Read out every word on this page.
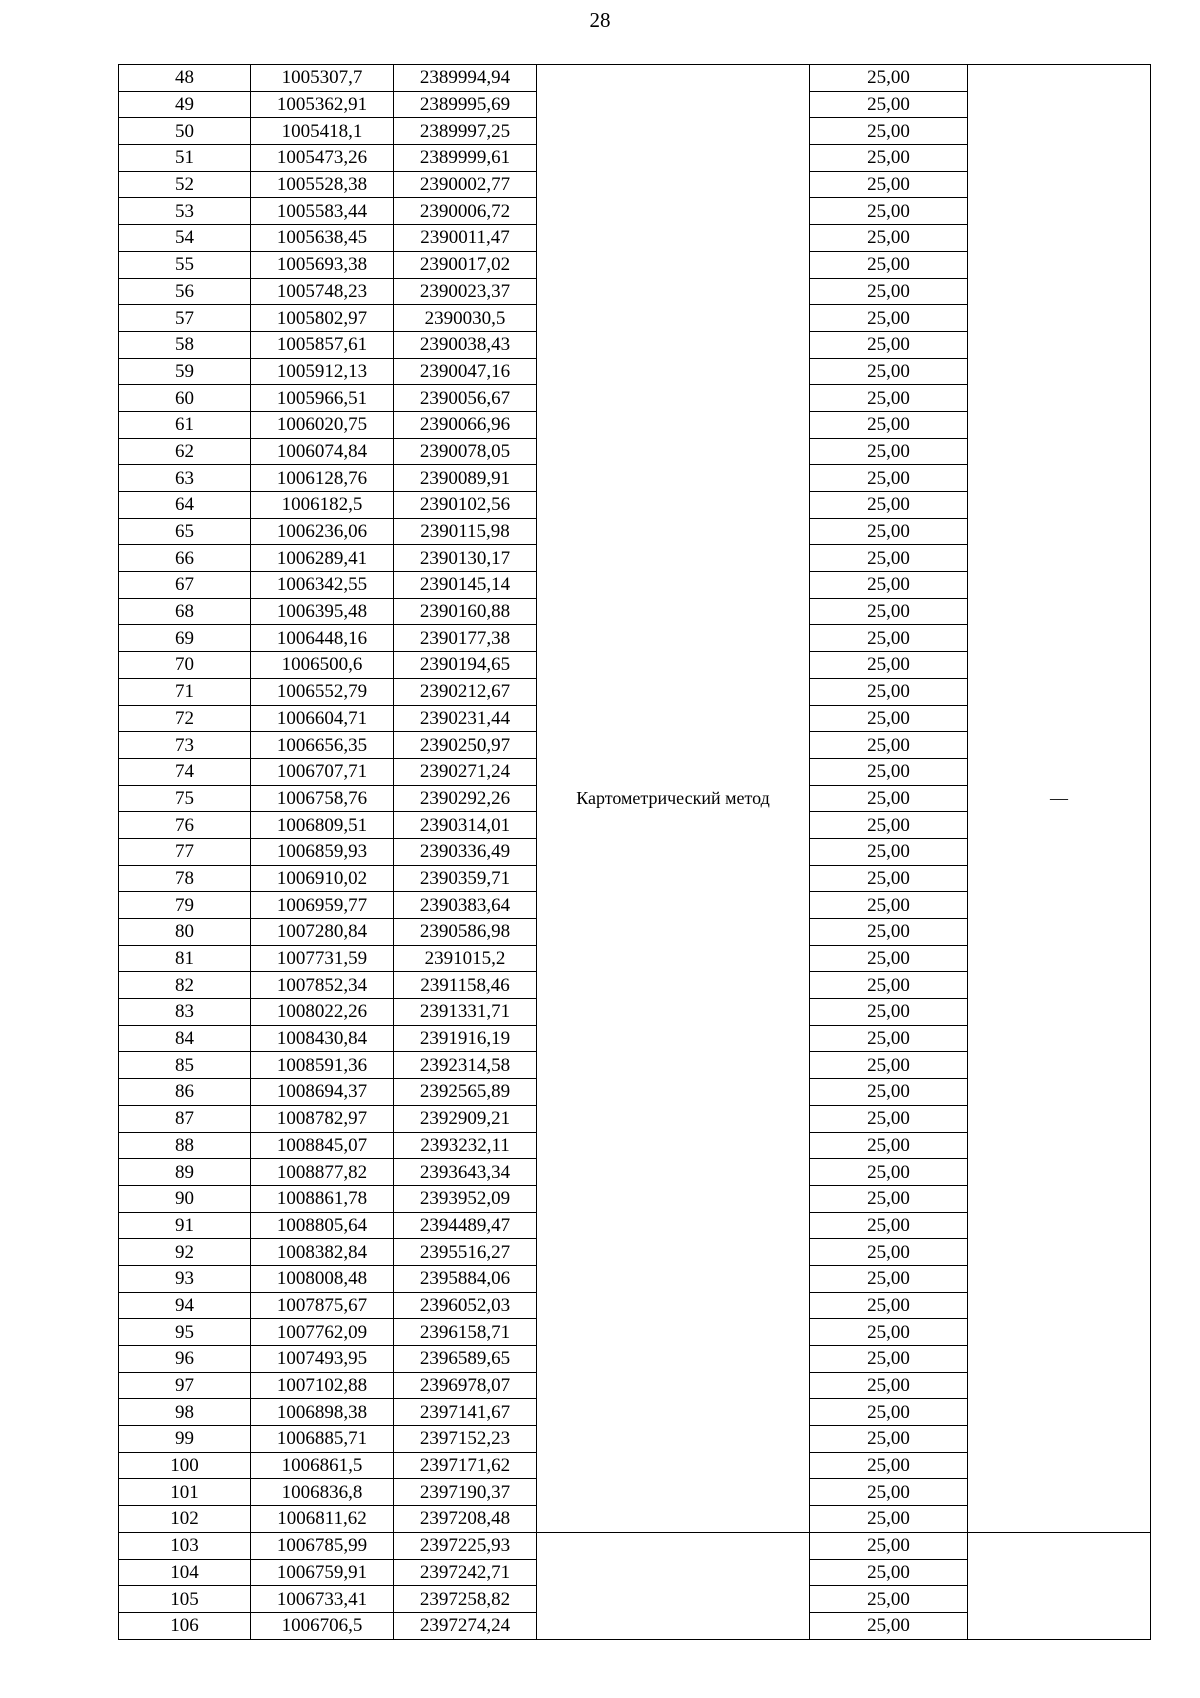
28
48	1005307,7	2389994,94	Картометрический метод	25,00	—
49	1005362,91	2389995,69		25,00	
50	1005418,1	2389997,25		25,00	
51	1005473,26	2389999,61		25,00	
52	1005528,38	2390002,77		25,00	
53	1005583,44	2390006,72		25,00	
54	1005638,45	2390011,47		25,00	
55	1005693,38	2390017,02		25,00	
56	1005748,23	2390023,37		25,00	
57	1005802,97	2390030,5		25,00	
58	1005857,61	2390038,43		25,00	
59	1005912,13	2390047,16		25,00	
60	1005966,51	2390056,67		25,00	
61	1006020,75	2390066,96		25,00	
62	1006074,84	2390078,05		25,00	
63	1006128,76	2390089,91		25,00	
64	1006182,5	2390102,56		25,00	
65	1006236,06	2390115,98		25,00	
66	1006289,41	2390130,17		25,00	
67	1006342,55	2390145,14		25,00	
68	1006395,48	2390160,88		25,00	
69	1006448,16	2390177,38		25,00	
70	1006500,6	2390194,65		25,00	
71	1006552,79	2390212,67		25,00	
72	1006604,71	2390231,44		25,00	
73	1006656,35	2390250,97		25,00	
74	1006707,71	2390271,24		25,00	
75	1006758,76	2390292,26		25,00	
76	1006809,51	2390314,01		25,00	
77	1006859,93	2390336,49		25,00	
78	1006910,02	2390359,71		25,00	
79	1006959,77	2390383,64		25,00	
80	1007280,84	2390586,98		25,00	
81	1007731,59	2391015,2		25,00	
82	1007852,34	2391158,46		25,00	
83	1008022,26	2391331,71		25,00	
84	1008430,84	2391916,19		25,00	
85	1008591,36	2392314,58		25,00	
86	1008694,37	2392565,89		25,00	
87	1008782,97	2392909,21		25,00	
88	1008845,07	2393232,11		25,00	
89	1008877,82	2393643,34		25,00	
90	1008861,78	2393952,09		25,00	
91	1008805,64	2394489,47		25,00	
92	1008382,84	2395516,27		25,00	
93	1008008,48	2395884,06		25,00	
94	1007875,67	2396052,03		25,00	
95	1007762,09	2396158,71		25,00	
96	1007493,95	2396589,65		25,00	
97	1007102,88	2396978,07		25,00	
98	1006898,38	2397141,67		25,00	
99	1006885,71	2397152,23		25,00	
100	1006861,5	2397171,62		25,00	
101	1006836,8	2397190,37		25,00	
102	1006811,62	2397208,48		25,00	
103	1006785,99	2397225,93		25,00	
104	1006759,91	2397242,71		25,00	
105	1006733,41	2397258,82		25,00	
106	1006706,5	2397274,24		25,00	
